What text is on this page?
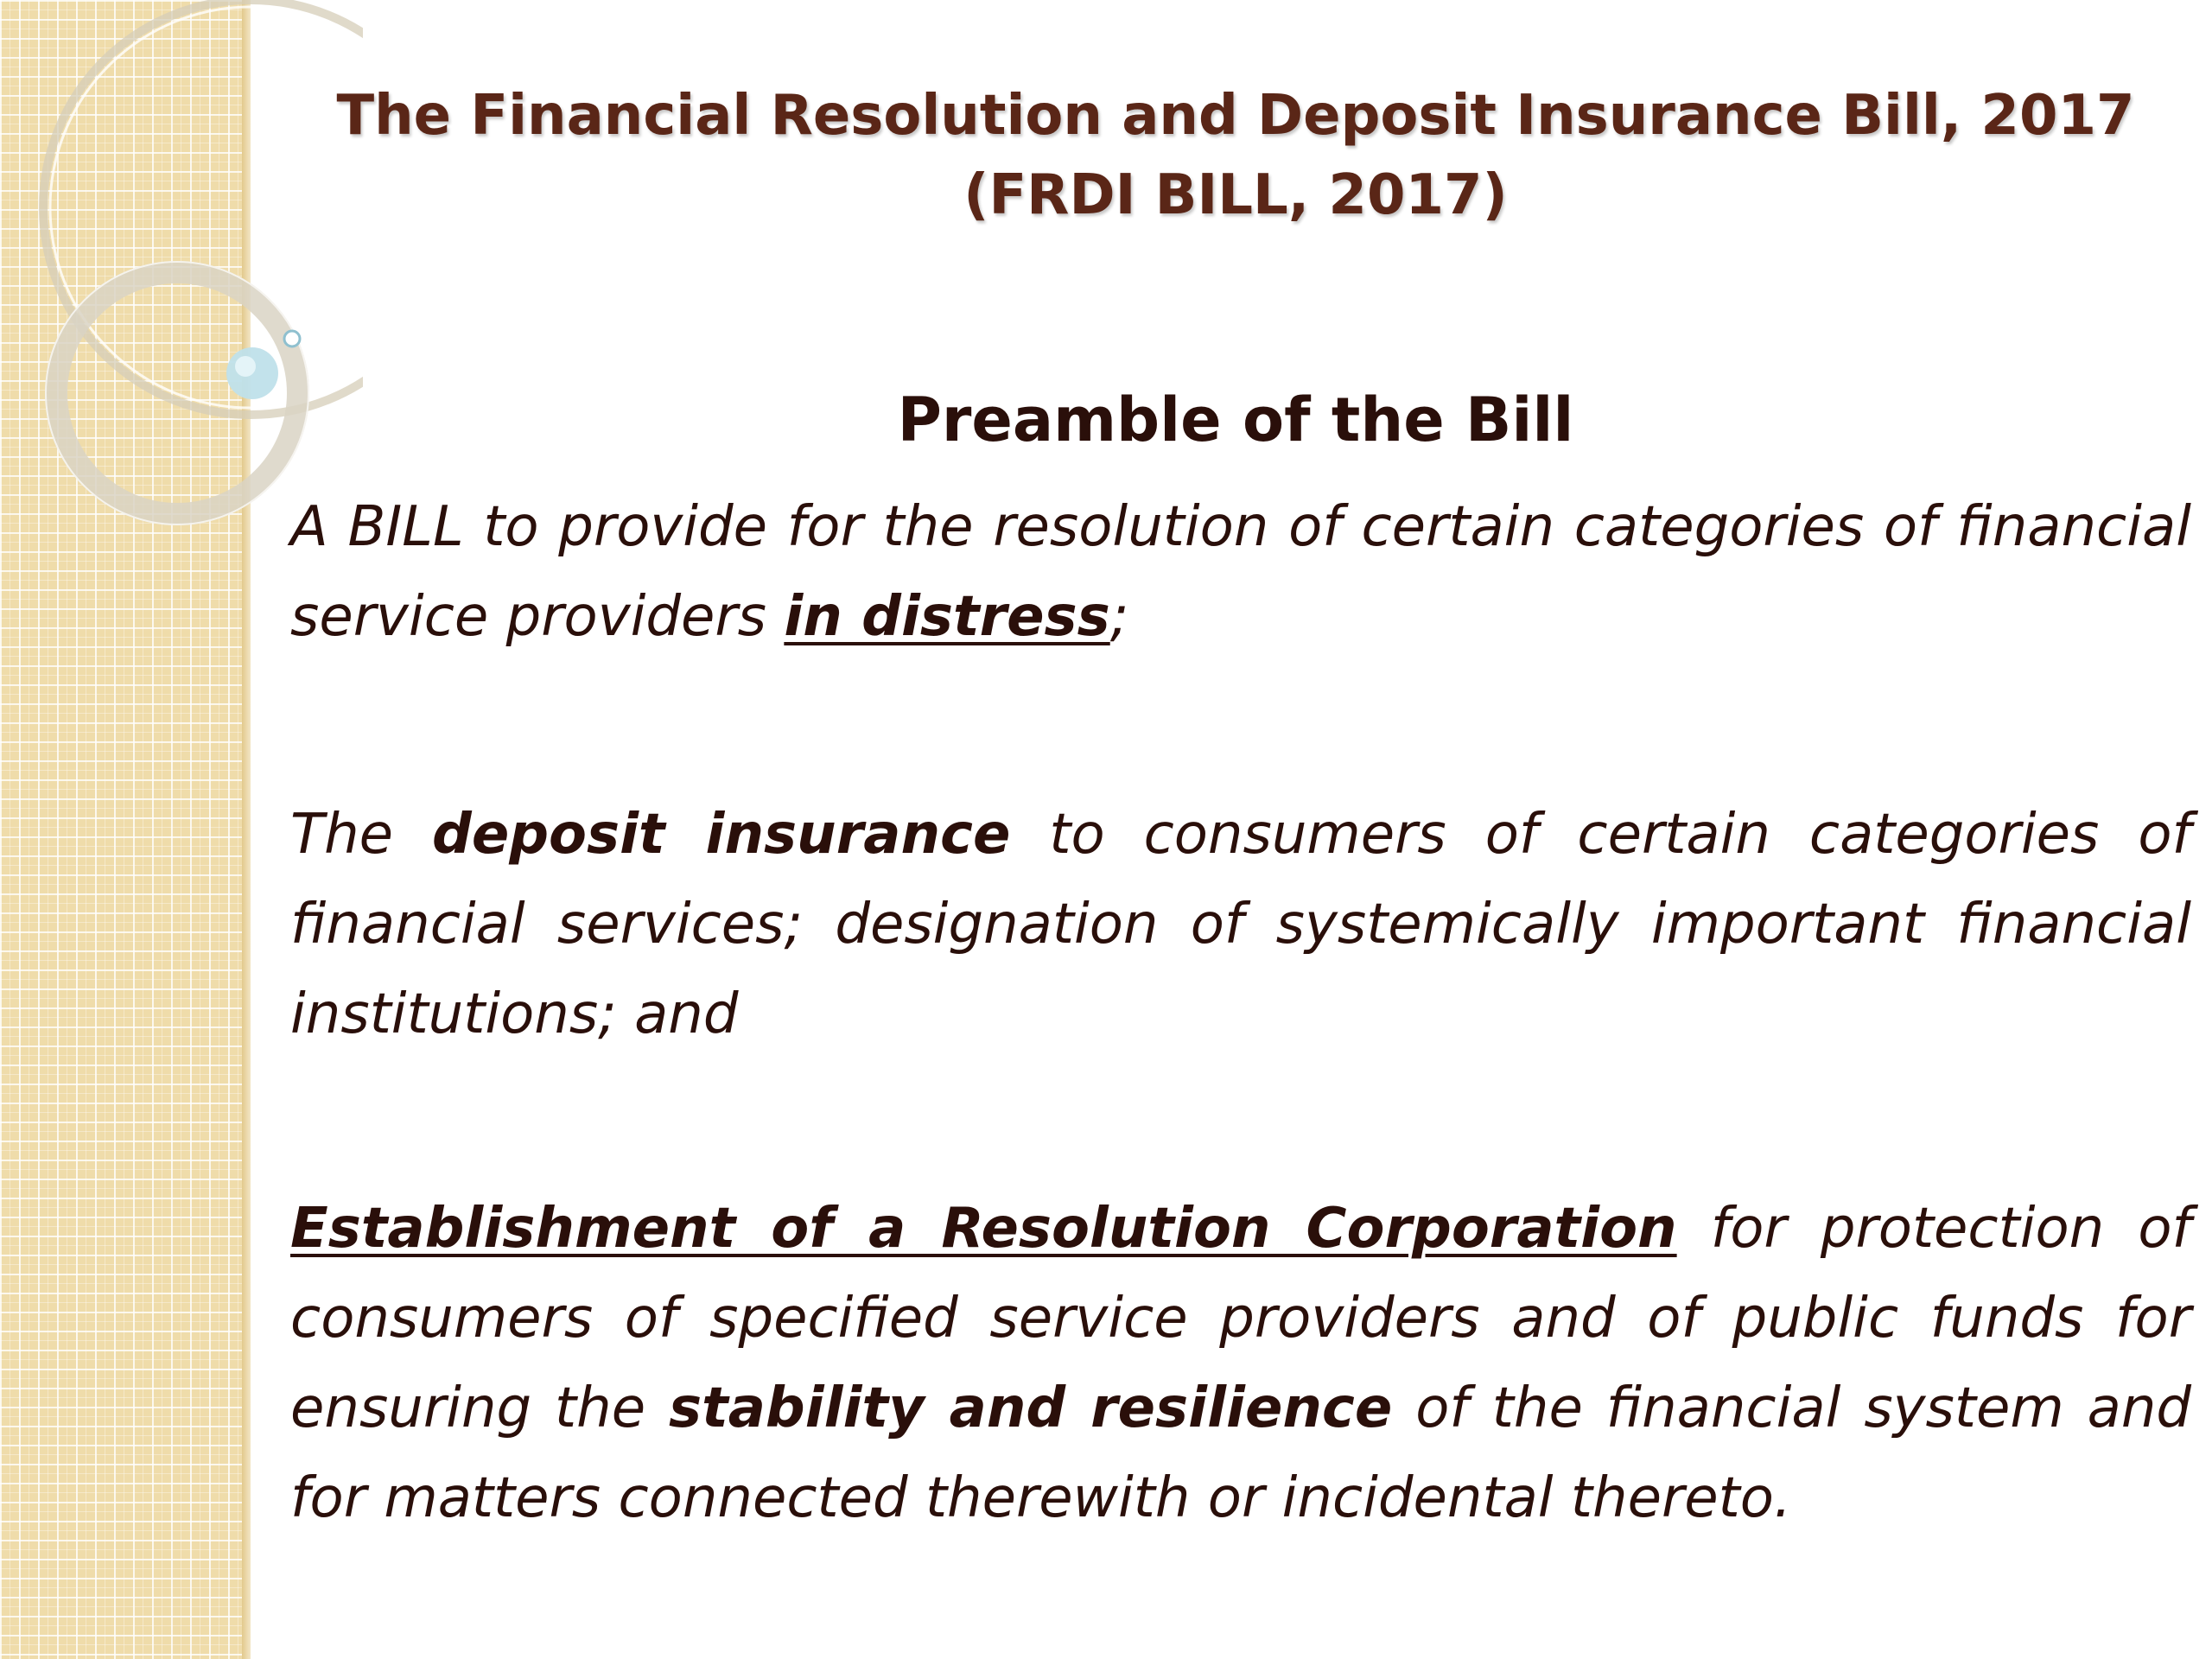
The Financial Resolution and Deposit Insurance Bill, 2017
(FRDI BILL, 2017)
Preamble of the Bill

A BILL to provide for the resolution of certain categories of financial service providers in distress;

The deposit insurance to consumers of certain categories of financial services; designation of systemically important financial institutions; and

Establishment of a Resolution Corporation for protection of consumers of specified service providers and of public funds for ensuring the stability and resilience of the financial system and for matters connected therewith or incidental thereto.
